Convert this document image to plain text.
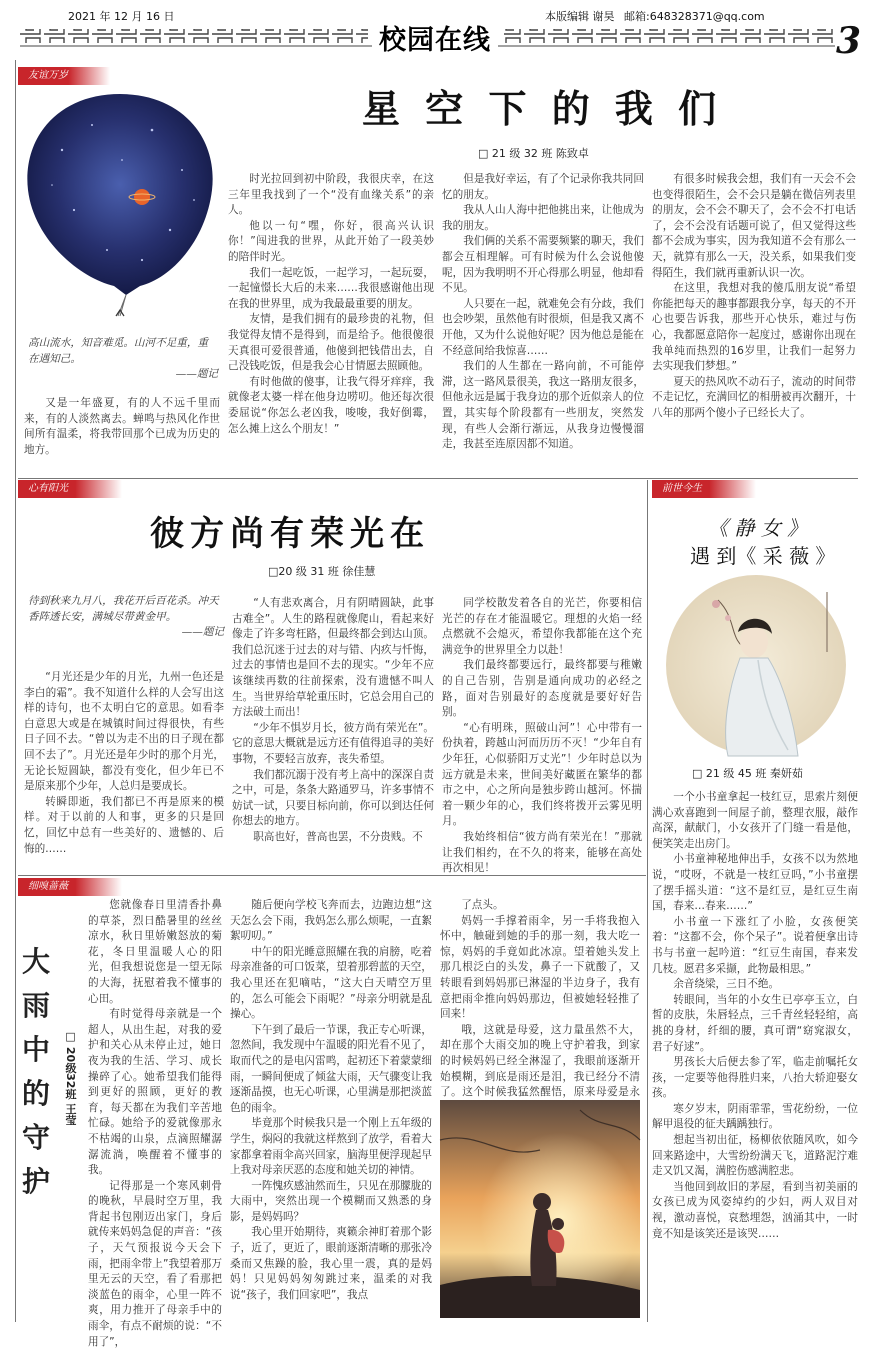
2021 年 12 月 16 日	本版编辑 谢昊 邮箱:648328371@qq.com
校园在线	3
友谊万岁
星 空 下 的 我 们
□ 21 级 32 班 陈致卓
高山流水，知音难觅。山河不足重，重在遇知己。
——题记

又是一年盛夏，有的人不远千里而来，有的人淡然离去。蝉鸣与热风化作世间所有温柔，将我带回那个已成为历史的地方。

时光拉回到初中阶段，我很庆幸，在这三年里我找到了一个“没有血缘关系”的亲人。

他以一句“嘿，你好，很高兴认识你！”闯进我的世界，从此开始了一段美妙的陪伴时光。

我们一起吃饭，一起学习，一起玩耍，一起憧憬长大后的未来……我很感谢他出现在我的世界里，成为我最最重要的朋友。

友情，是我们拥有的最珍贵的礼物，但我觉得友情不是得到，而是给予。他很傻很天真很可爱很普通，他傻到把钱借出去，自己没钱吃饭，但是我会心甘情愿去照顾他。

有时他做的傻事，让我气得牙痒痒，我就像老太婆一样在他身边唠叨。他还每次很委屈说“你怎么老凶我，唆唆，我好倒霉，怎么摊上这么个朋友！”

但是我好幸运，有了个记录你我共同回忆的朋友。

我从人山人海中把他挑出来，让他成为我的朋友。

我们俩的关系不需要频繁的聊天，我们都会互相理解。可有时候为什么会说他傻呢，因为我明明不开心得那么明显，他却看不见。

人只要在一起，就难免会有分歧，我们也会吵架，虽然他有时很烦，但是我又离不开他，又为什么说他好呢？因为他总是能在不经意间给我惊喜……

我们的人生都在一路向前，不可能停滞，这一路风景很美，我这一路朋友很多，但他永远是属于我身边的那个近似亲人的位置，其实每个阶段都有一些朋友，突然发现，有些人会渐行渐远，从我身边慢慢溜走，我甚至连原因都不知道。

有很多时候我会想，我们有一天会不会也变得很陌生，会不会只是躺在微信列表里的朋友，会不会不聊天了，会不会不打电话了，会不会没有话题可说了，但又觉得这些都不会成为事实，因为我知道不会有那么一天，就算有那么一天，没关系，如果我们变得陌生，我们就再重新认识一次。

在这里，我想对我的傻瓜朋友说“希望你能把每天的趣事都跟我分享，每天的不开心也要告诉我，那些开心快乐，难过与伤心，我都愿意陪你一起度过，感谢你出现在我单纯而热烈的16岁里，让我们一起努力去实现我们梦想。”

夏天的热风吹不动石子，流动的时间带不走记忆，充满回忆的相册被再次翻开，十八年的那两个傻小子已经长大了。

心有阳光
彼方尚有荣光在
□20 级 31 班 徐佳慧
待到秋来九月八，我花开后百花杀。冲天香阵透长安，满城尽带黄金甲。
——题记

“月光还是少年的月光，九州一色还是李白的霜”。我不知道什么样的人会写出这样的诗句，也不太明白它的意思。如看李白意思大或是在城镇时间过得很快，有些日子回不去。“曾以为走不出的日子现在都回不去了”。月光还是年少时的那个月光，无论长短圆缺，都没有变化，但少年已不是原来那个少年，人总归是要成长。

转瞬即逝，我们都已不再是原来的模样。对于以前的人和事，更多的只是回忆，回忆中总有一些美好的、遗憾的、后悔的……

“人有悲欢离合，月有阴晴圆缺，此事古难全”。人生的路程就像爬山，看起来好像走了许多弯枉路，但最终都会到达山顶。我们总沉迷于过去的对与错、内疚与忏悔，过去的事情也是回不去的现实。“少年不应该继续再数的往前探索，没有遗憾不叫人生。当世界给草轮重压时，它总会用自己的方法破土而出！

“少年不惧岁月长，彼方尚有荣光在”。它的意思大概就是远方还有值得追寻的美好事物，不要轻言放弃，丧失希望。

我们都沉溺于没有考上高中的深深自责之中，可是，条条大路通罗马，许多事情不妨试一试，只要目标向前，你可以到达任何你想去的地方。

职高也好，普高也罢，不分贵贱。不

同学校散发着各自的光芒，你要相信光芒的存在才能温暖它。理想的火焰一经点燃就不会熄灭，希望你我都能在这个充满竞争的世界里全力以赴！

我们最终都要远行，最终都要与稚嫩的自己告别，告别是通向成功的必经之路，面对告别最好的态度就是要好好告别。

“心有明珠，照破山河”！心中带有一份执着，跨越山河而历历不灭！“少年自有少年狂，心似骄阳万丈光”！少年时总以为远方就是未来，世间美好藏匿在繁华的都市之中，心之所向是独步跨山越河。怀揣着一颗少年的心，我们终将拨开云雾见明月。

我始终相信“彼方尚有荣光在！”那就让我们相约，在不久的将来，能够在高处再次相见！

前世今生
《 静 女 》
遇 到《 采 薇 》
□ 21 级 45 班 秦妍茹

一个小书童拿起一枝红豆，思索片刻便满心欢喜跑到一间屋子前，整理衣服，敲作高深，献献门，小女孩开了门缝一看是他，便笑笑走出房门。

小书童神秘地伸出手，女孩不以为然地说，“哎呀，不就是一枝红豆吗，”小书童摆了摆手摇头道：“这不是红豆，是红豆生南国，春来…春来……”

小书童一下涨红了小脸，女孩便笑着：“这都不会，你个呆子”。说着便拿出诗书与书童一起吟道：“红豆生南国，春来发几枝。愿君多采撷，此物最相思。”

余音绕梁，三日不绝。

转眼间，当年的小女生已亭亭玉立，白皙的皮肤，朱唇轻点，三千青丝轻轻绾，高挑的身材，纤细的腰，真可谓“窈窕淑女，君子好逑”。

男孩长大后便去参了军，临走前嘱托女孩，一定要等他得胜归来，八抬大轿迎娶女孩。

寒夕岁末，阴雨霏霏，雪花纷纷，一位解甲退役的征夫踽踽独行。

想起当初出征，杨柳依依随风吹，如今回来路途中，大雪纷纷满天飞，道路泥泞难走又饥又渴，满腔伤感满腔悲。

当他回到故旧的茅屋，看到当初美丽的女孩已成为风姿绰约的少妇，两人双目对视，激动喜悦，哀愁埋怨，汹涌其中，一时竟不知是该笑还是该哭……

细嗅蔷薇
大
雨
中
的
守
护
□ 20级32班 王莹

您就像春日里清香扑鼻的草茶，烈日酷暑里的丝丝凉水，秋日里娇嫩怒放的菊花，冬日里温暖人心的阳光，但我想说您是一望无际的大海，抚慰着我不懂事的心田。

有时觉得母亲就是一个超人，从出生起，对我的爱护和关心从未停止过，她日夜为我的生活、学习、成长操碎了心。她希望我们能得到更好的照顾，更好的教育，每天都在为我们辛苦地忙碌。她给予的爱就像那永不枯竭的山泉，点滴照耀潺潺流淌，唤醒着不懂事的我。

记得那是一个寒风刺骨的晚秋，早晨时空万里，我背起书包刚迈出家门，身后就传来妈妈急促的声音：“孩子，天气预报说今天会下雨，把雨伞带上”我望着那万里无云的天空，看了看那把淡蓝色的雨伞，心里一阵不爽，用力推开了母亲手中的雨伞，有点不耐烦的说：“不用了”，

随后便向学校飞奔而去，边跑边想“这天怎么会下雨，我妈怎么那么烦呢，一直絮絮叨叨。”

中午的阳光睡意照耀在我的肩膀，吃着母亲准备的可口饭菜，望着那碧蓝的天空，我心里还在犯嘀咕，“这大白天晴空万里的，怎么可能会下雨呢？”母亲分明就是乱操心。

下午到了最后一节课，我正专心听课，忽然间，我发现中午温暖的阳光看不见了，取而代之的是电闪雷鸣，起初还下着蒙蒙细雨，一瞬间便成了倾盆大雨，天气骤变让我逐渐晶摸，也无心听课，心里满是那把淡蓝色的雨伞。

毕竟那个时候我只是一个刚上五年级的学生，焖闷的我就这样熬到了放学，看着大家都拿着雨伞高兴回家，脑海里便浮现起早上我对母亲厌恶的态度和她关切的神情。

一阵愧疚感油然而生，只见在那朦胧的大雨中，突然出现一个模糊而又熟悉的身影，是妈妈吗？

我心里开始期待，爽籁余神盯着那个影子，近了，更近了，眼前逐渐清晰的那张冷桑而又焦躁的脸，我心里一震，真的是妈妈！只见妈妈匆匆跳过来，温柔的对我说“孩子，我们回家吧”，我点

了点头。

妈妈一手撑着雨伞，另一手将我抱入怀中，触碰到她的手的那一刻，我大吃一惊，妈妈的手竟如此冰凉。望着她头发上那几根泛白的头发，鼻子一下就酸了，又转眼看到妈妈那已淋湿的半边身子，我有意把雨伞推向妈妈那边，但被她轻轻推了回来！

哦，这就是母爱，这力量虽然不大，却在那个大雨交加的晚上守护着我，到家的时候妈妈已经全淋湿了，我眼前逐渐开始模糊，到底是雨还是泪，我已经分不清了。这个时候我猛然醒悟，原来母爱是永
